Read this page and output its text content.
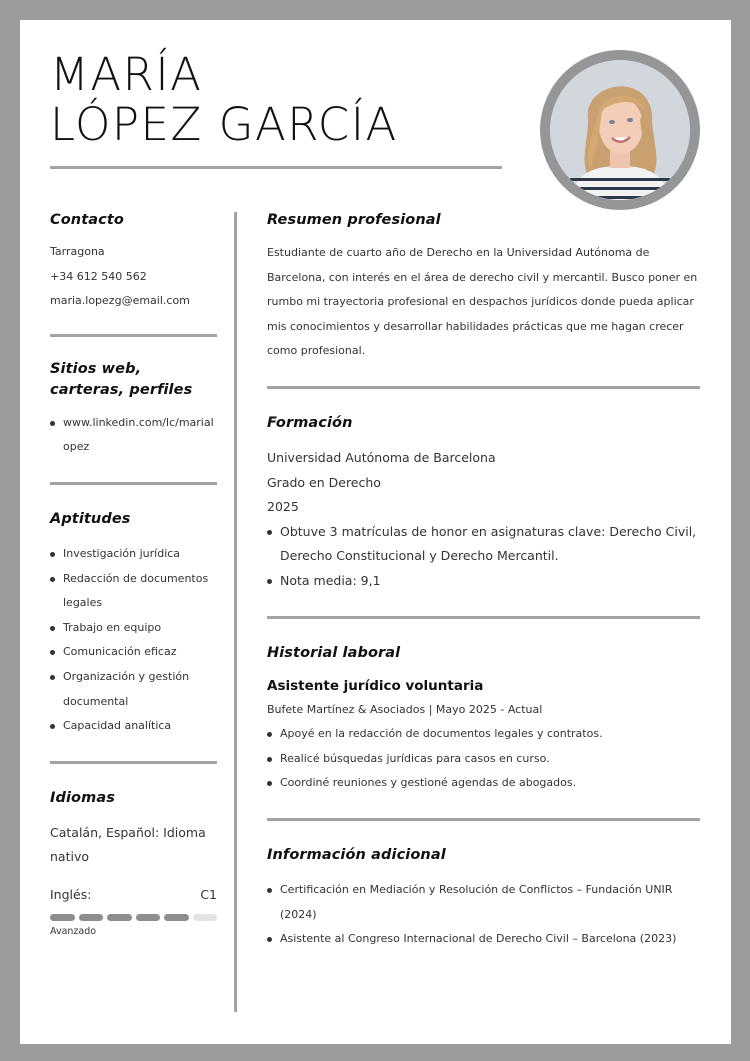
MARÍA
LÓPEZ GARCÍA
Contacto
Tarragona
+34 612 540 562
maria.lopezg@email.com
Sitios web, carteras, perfiles
www.linkedin.com/lc/marialopez
Aptitudes
Investigación jurídica
Redacción de documentos legales
Trabajo en equipo
Comunicación eficaz
Organización y gestión documental
Capacidad analítica
Idiomas
Catalán, Español: Idioma nativo
Inglés:	C1
Avanzado
Resumen profesional

Estudiante de cuarto año de Derecho en la Universidad Autónoma de Barcelona, con interés en el área de derecho civil y mercantil. Busco poner en rumbo mi trayectoria profesional en despachos jurídicos donde pueda aplicar mis conocimientos y desarrollar habilidades prácticas que me hagan crecer como profesional.

Formación
Universidad Autónoma de Barcelona
Grado en Derecho
2025
Obtuve 3 matrículas de honor en asignaturas clave: Derecho Civil, Derecho Constitucional y Derecho Mercantil.
Nota media: 9,1
Historial laboral
Asistente jurídico voluntaria
Bufete Martínez & Asociados | Mayo 2025 - Actual
Apoyé en la redacción de documentos legales y contratos.
Realicé búsquedas jurídicas para casos en curso.
Coordiné reuniones y gestioné agendas de abogados.
Información adicional
Certificación en Mediación y Resolución de Conflictos – Fundación UNIR (2024)
Asistente al Congreso Internacional de Derecho Civil – Barcelona (2023)
